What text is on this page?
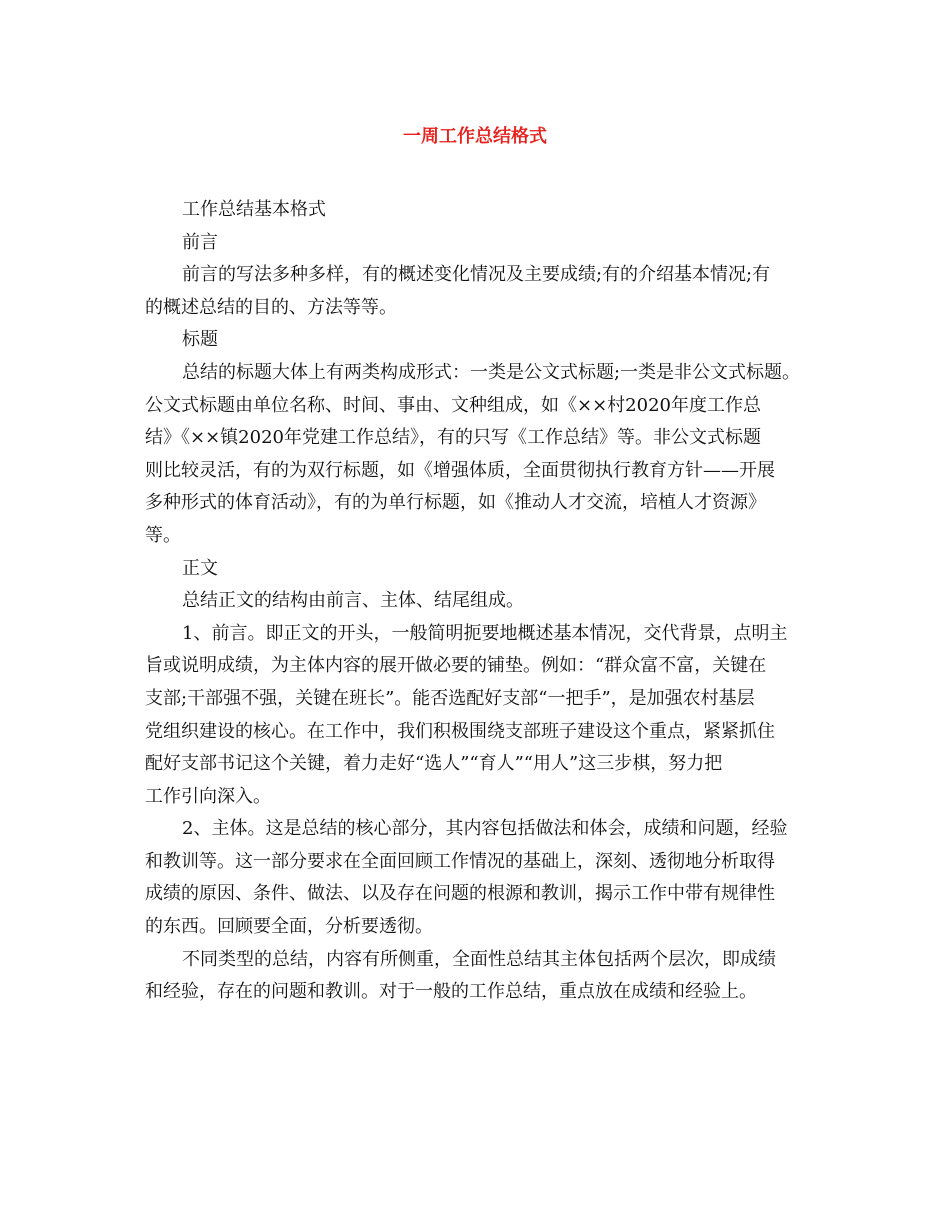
一周工作总结格式

工作总结基本格式

前言

前言的写法多种多样，有的概述变化情况及主要成绩;有的介绍基本情况;有
的概述总结的目的、方法等等。

标题

总结的标题大体上有两类构成形式：一类是公文式标题;一类是非公文式标题。
公文式标题由单位名称、时间、事由、文种组成，如《××村2020年度工作总
结》《××镇2020年党建工作总结》，有的只写《工作总结》等。非公文式标题
则比较灵活，有的为双行标题，如《增强体质，全面贯彻执行教育方针——开展
多种形式的体育活动》，有的为单行标题，如《推动人才交流，培植人才资源》
等。

正文

总结正文的结构由前言、主体、结尾组成。

1、前言。即正文的开头，一般简明扼要地概述基本情况，交代背景，点明主
旨或说明成绩，为主体内容的展开做必要的铺垫。例如：“群众富不富，关键在
支部;干部强不强，关键在班长”。能否选配好支部“一把手”，是加强农村基层
党组织建设的核心。在工作中，我们积极围绕支部班子建设这个重点，紧紧抓住
配好支部书记这个关键，着力走好“选人”“育人”“用人”这三步棋，努力把
工作引向深入。

2、主体。这是总结的核心部分，其内容包括做法和体会，成绩和问题，经验
和教训等。这一部分要求在全面回顾工作情况的基础上，深刻、透彻地分析取得
成绩的原因、条件、做法、以及存在问题的根源和教训，揭示工作中带有规律性
的东西。回顾要全面，分析要透彻。

不同类型的总结，内容有所侧重，全面性总结其主体包括两个层次，即成绩
和经验，存在的问题和教训。对于一般的工作总结，重点放在成绩和经验上。
